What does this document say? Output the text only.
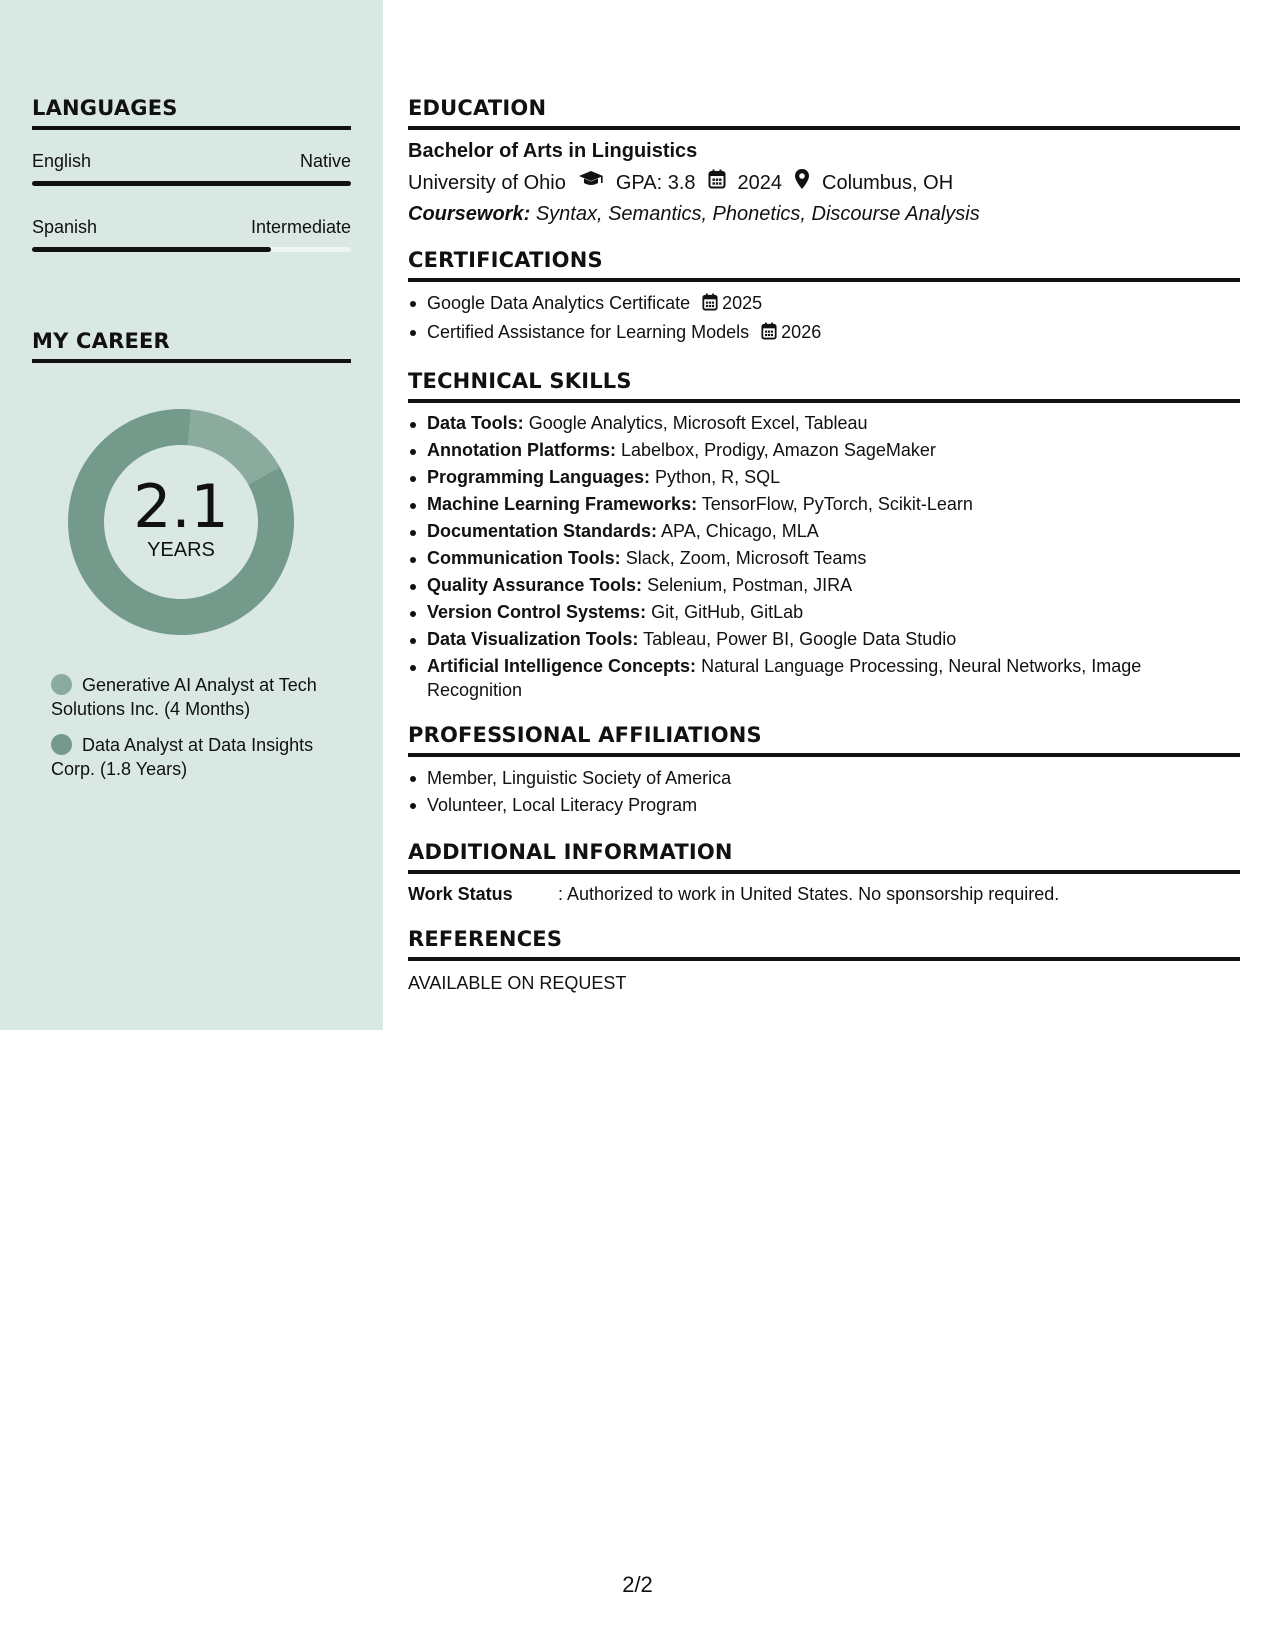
LANGUAGES
English	Native
Spanish	Intermediate
MY CAREER
2.1
YEARS
Generative AI Analyst at Tech Solutions Inc. (4 Months)
Data Analyst at Data Insights Corp. (1.8 Years)
EDUCATION
Bachelor of Arts in Linguistics
University of Ohio	GPA: 3.8 2024 Columbus, OH
Coursework: Syntax, Semantics, Phonetics, Discourse Analysis
CERTIFICATIONS
Google Data Analytics Certificate 2025
Certified Assistance for Learning Models 2026
TECHNICAL SKILLS
Data Tools: Google Analytics, Microsoft Excel, Tableau
Annotation Platforms: Labelbox, Prodigy, Amazon SageMaker
Programming Languages: Python, R, SQL
Machine Learning Frameworks: TensorFlow, PyTorch, Scikit-Learn
Documentation Standards: APA, Chicago, MLA
Communication Tools: Slack, Zoom, Microsoft Teams
Quality Assurance Tools: Selenium, Postman, JIRA
Version Control Systems: Git, GitHub, GitLab
Data Visualization Tools: Tableau, Power BI, Google Data Studio
Artificial Intelligence Concepts: Natural Language Processing, Neural Networks, Image Recognition
PROFESSIONAL AFFILIATIONS
Member, Linguistic Society of America
Volunteer, Local Literacy Program
ADDITIONAL INFORMATION
Work Status	: Authorized to work in United States. No sponsorship required.
REFERENCES
AVAILABLE ON REQUEST
2/2
